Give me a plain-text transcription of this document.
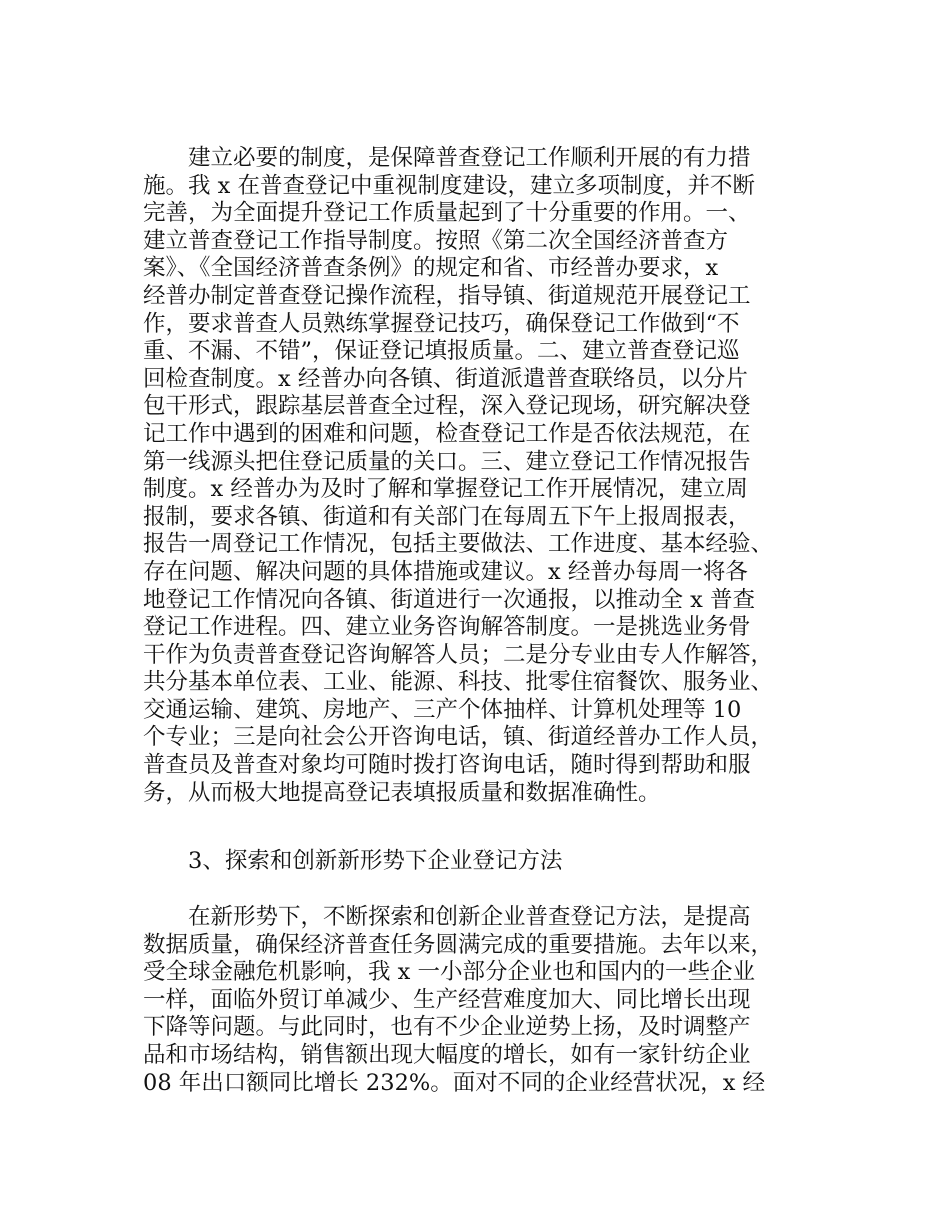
建立必要的制度，是保障普查登记工作顺利开展的有力措
施。我 x 在普查登记中重视制度建设，建立多项制度，并不断
完善，为全面提升登记工作质量起到了十分重要的作用。一、
建立普查登记工作指导制度。按照《第二次全国经济普查方
案》、《全国经济普查条例》的规定和省、市经普办要求，x
经普办制定普查登记操作流程，指导镇、街道规范开展登记工
作，要求普查人员熟练掌握登记技巧，确保登记工作做到“不
重、不漏、不错”，保证登记填报质量。二、建立普查登记巡
回检查制度。x 经普办向各镇、街道派遣普查联络员，以分片
包干形式，跟踪基层普查全过程，深入登记现场，研究解决登
记工作中遇到的困难和问题，检查登记工作是否依法规范，在
第一线源头把住登记质量的关口。三、建立登记工作情况报告
制度。x 经普办为及时了解和掌握登记工作开展情况，建立周
报制，要求各镇、街道和有关部门在每周五下午上报周报表，
报告一周登记工作情况，包括主要做法、工作进度、基本经验、
存在问题、解决问题的具体措施或建议。x 经普办每周一将各
地登记工作情况向各镇、街道进行一次通报，以推动全 x 普查
登记工作进程。四、建立业务咨询解答制度。一是挑选业务骨
干作为负责普查登记咨询解答人员；二是分专业由专人作解答，
共分基本单位表、工业、能源、科技、批零住宿餐饮、服务业、
交通运输、建筑、房地产、三产个体抽样、计算机处理等 10
个专业；三是向社会公开咨询电话，镇、街道经普办工作人员，
普查员及普查对象均可随时拨打咨询电话，随时得到帮助和服
务，从而极大地提高登记表填报质量和数据准确性。
3、探索和创新新形势下企业登记方法
在新形势下，不断探索和创新企业普查登记方法，是提高
数据质量，确保经济普查任务圆满完成的重要措施。去年以来，
受全球金融危机影响，我 x 一小部分企业也和国内的一些企业
一样，面临外贸订单减少、生产经营难度加大、同比增长出现
下降等问题。与此同时，也有不少企业逆势上扬，及时调整产
品和市场结构，销售额出现大幅度的增长，如有一家针纺企业
08 年出口额同比增长 232%。面对不同的企业经营状况，x 经
